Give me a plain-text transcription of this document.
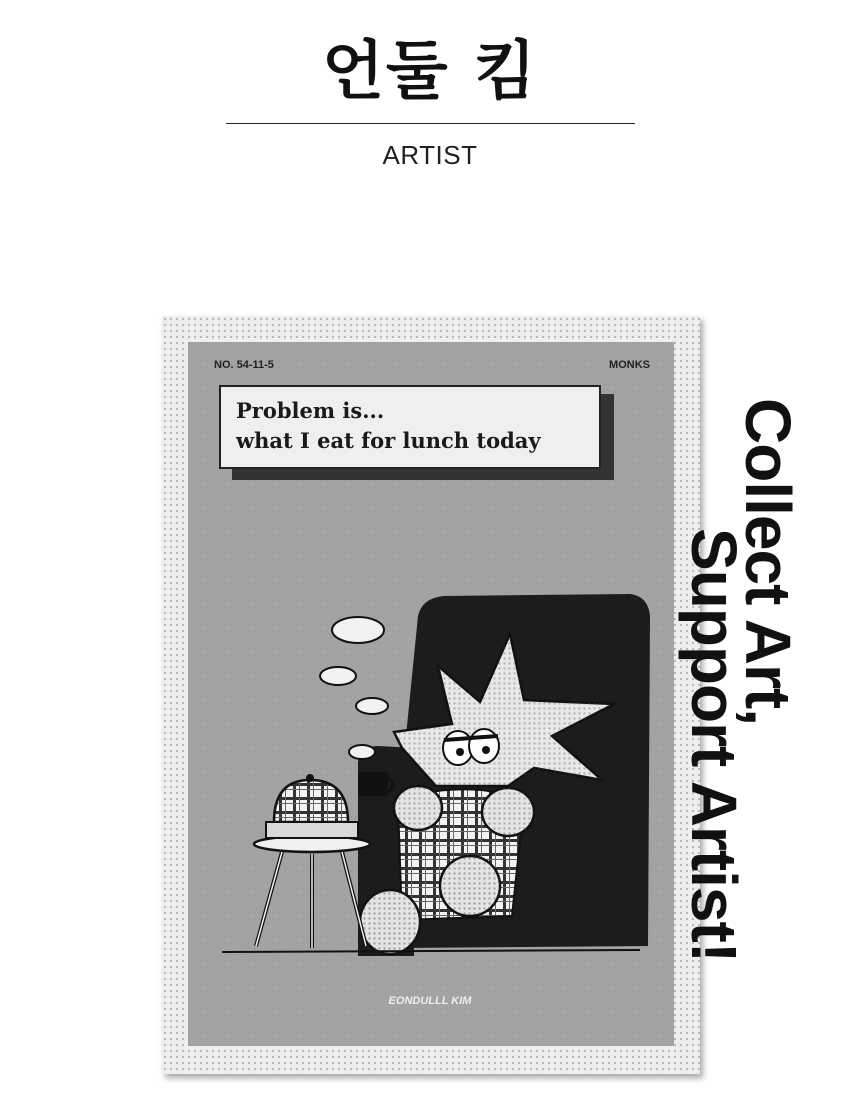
언둘 킴
ARTIST
NO. 54-11-5	MONKS
Problem is...
what I eat for lunch today
EONDULLL KIM
Collect Art,
Support Artist!
